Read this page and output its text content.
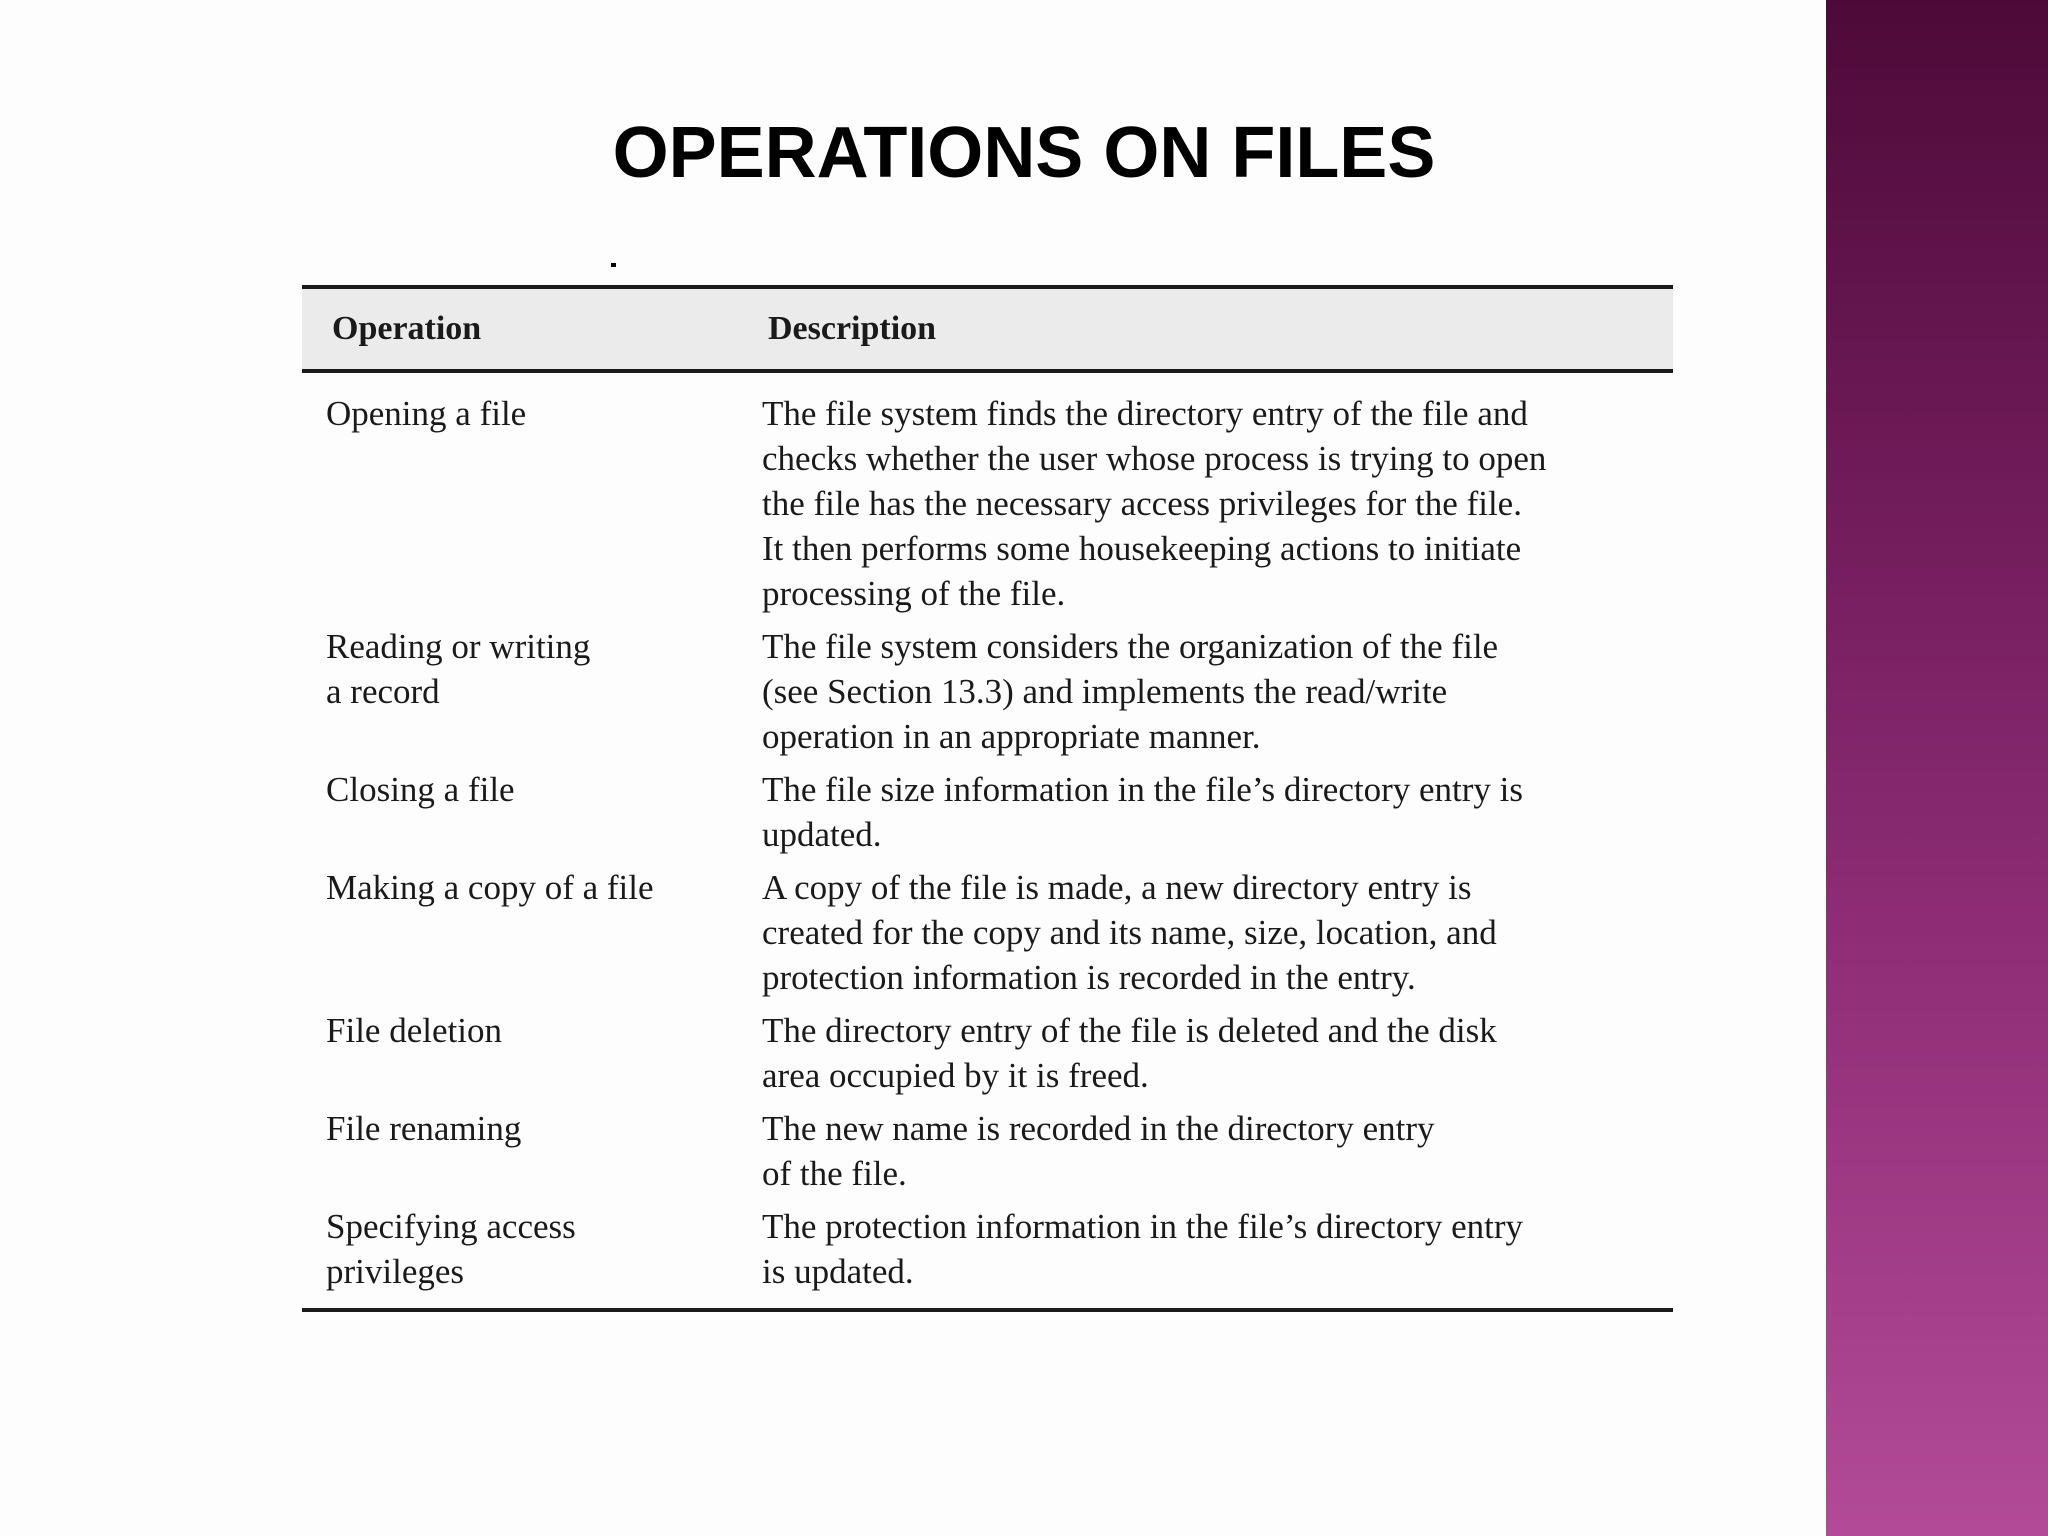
OPERATIONS ON FILES
Operation	Description

Opening a file	The file system finds the directory entry of the file and
checks whether the user whose process is trying to open
the file has the necessary access privileges for the file.
It then performs some housekeeping actions to initiate
processing of the file.

Reading or writing
a record	The file system considers the organization of the file
(see Section 13.3) and implements the read/write
operation in an appropriate manner.

Closing a file	The file size information in the file’s directory entry is
updated.

Making a copy of a file	A copy of the file is made, a new directory entry is
created for the copy and its name, size, location, and
protection information is recorded in the entry.

File deletion	The directory entry of the file is deleted and the disk
area occupied by it is freed.

File renaming	The new name is recorded in the directory entry
of the file.

Specifying access
privileges	The protection information in the file’s directory entry
is updated.
